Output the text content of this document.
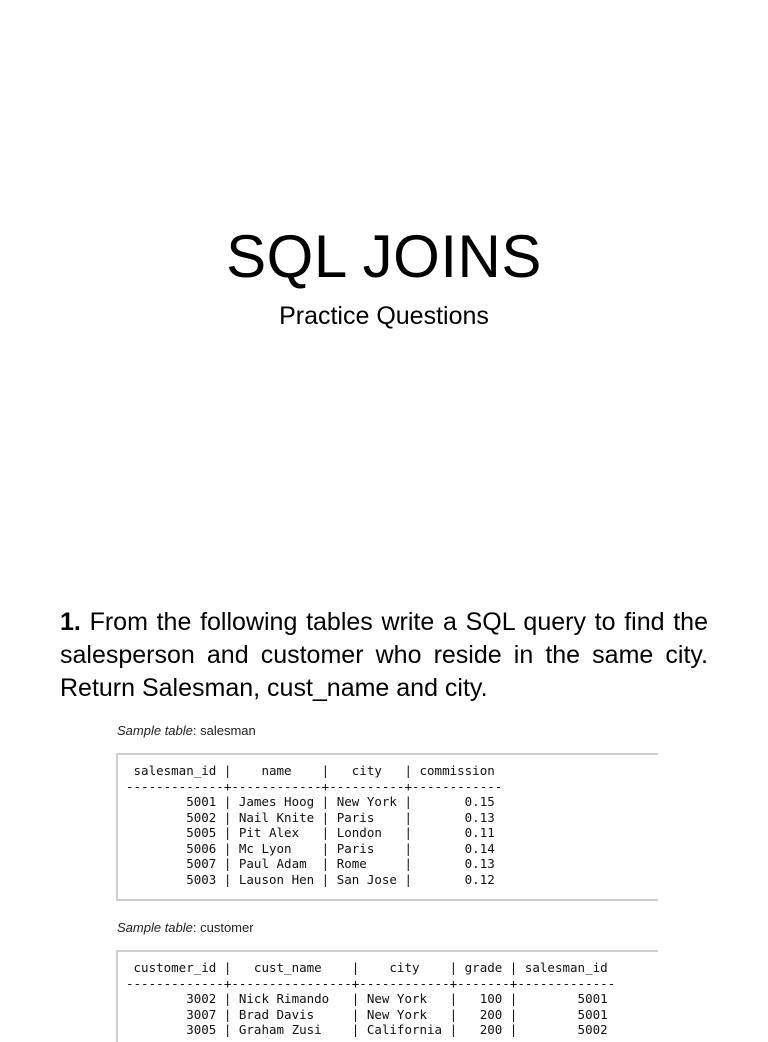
SQL JOINS
Practice Questions
1. From the following tables write a SQL query to find the salesperson and customer who reside in the same city. Return Salesman, cust_name and city.
Sample table: salesman
salesman_id |    name    |   city   | commission
-------------+------------+----------+------------
5001 | James Hoog | New York |       0.15
5002 | Nail Knite | Paris    |       0.13
5005 | Pit Alex   | London   |       0.11
5006 | Mc Lyon    | Paris    |       0.14
5007 | Paul Adam  | Rome     |       0.13
5003 | Lauson Hen | San Jose |       0.12
Sample table: customer
customer_id |   cust_name    |    city    | grade | salesman_id
-------------+----------------+------------+-------+-------------
3002 | Nick Rimando   | New York   |   100 |        5001
3007 | Brad Davis     | New York   |   200 |        5001
3005 | Graham Zusi    | California |   200 |        5002
